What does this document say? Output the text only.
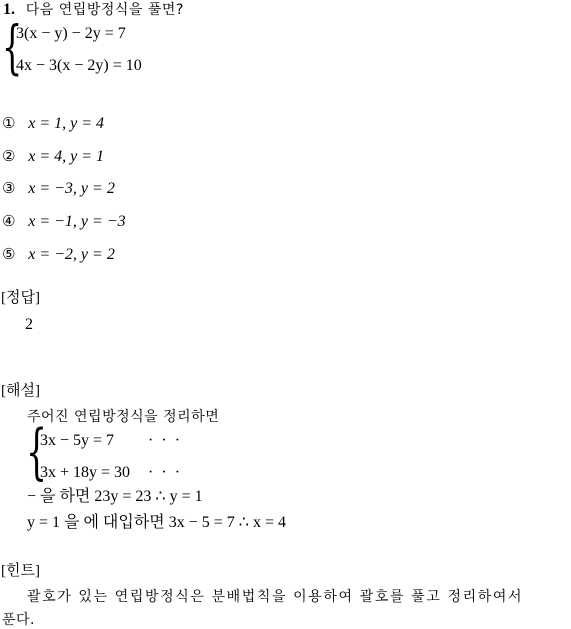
1. 다음 연립방정식을 풀면?
{
3(x − y) − 2y = 7
4x − 3(x − 2y) = 10
① x = 1, y = 4
② x = 4, y = 1
③ x = −3, y = 2
④ x = −1, y = −3
⑤ x = −2, y = 2
[정답]
2
[해설]
주어진 연립방정식을 정리하면
{
3x − 5y = 7 · · ·
3x + 18y = 30 · · ·
− 을 하면 23y = 23 ∴ y = 1
y = 1 을 에 대입하면 3x − 5 = 7 ∴ x = 4
[힌트]
괄호가 있는 연립방정식은 분배법칙을 이용하여 괄호를 풀고 정리하여서
푼다.
